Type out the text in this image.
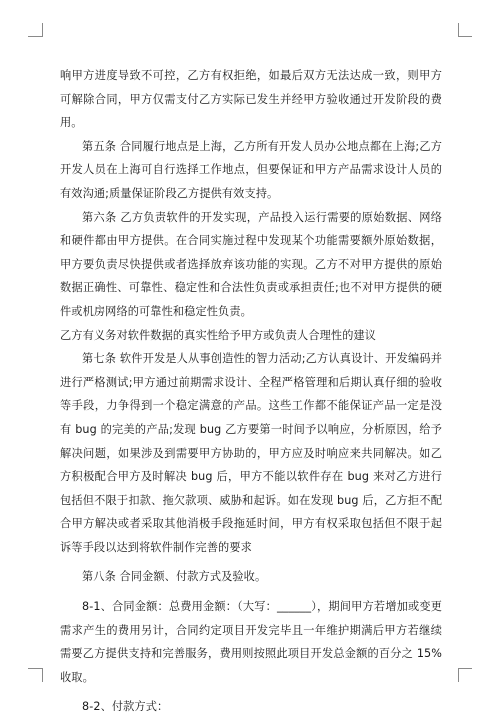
响甲方进度导致不可控，乙方有权拒绝，如最后双方无法达成一致，则甲方可解除合同，甲方仅需支付乙方实际已发生并经甲方验收通过开发阶段的费用。

第五条 合同履行地点是上海，乙方所有开发人员办公地点都在上海;乙方开发人员在上海可自行选择工作地点，但要保证和甲方产品需求设计人员的有效沟通;质量保证阶段乙方提供有效支持。

第六条 乙方负责软件的开发实现，产品投入运行需要的原始数据、网络和硬件都由甲方提供。在合同实施过程中发现某个功能需要额外原始数据，甲方要负责尽快提供或者选择放弃该功能的实现。乙方不对甲方提供的原始数据正确性、可靠性、稳定性和合法性负责或承担责任;也不对甲方提供的硬件或机房网络的可靠性和稳定性负责。

乙方有义务对软件数据的真实性给予甲方或负责人合理性的建议

第七条 软件开发是人从事创造性的智力活动;乙方认真设计、开发编码并进行严格测试;甲方通过前期需求设计、全程严格管理和后期认真仔细的验收等手段，力争得到一个稳定满意的产品。这些工作都不能保证产品一定是没有 bug 的完美的产品;发现 bug 乙方要第一时间予以响应，分析原因，给予解决问题，如果涉及到需要甲方协助的，甲方应及时响应来共同解决。如乙方积极配合甲方及时解决 bug 后，甲方不能以软件存在 bug 来对乙方进行包括但不限于扣款、拖欠款项、威胁和起诉。如在发现 bug 后，乙方拒不配合甲方解决或者采取其他消极手段拖延时间，甲方有权采取包括但不限于起诉等手段以达到将软件制作完善的要求

第八条 合同金额、付款方式及验收。

8-1、合同金额：总费用金额：（大写：______），期间甲方若增加或变更需求产生的费用另计，合同约定项目开发完毕且一年维护期满后甲方若继续需要乙方提供支持和完善服务，费用则按照此项目开发总金额的百分之 15%收取。

8-2、付款方式：
